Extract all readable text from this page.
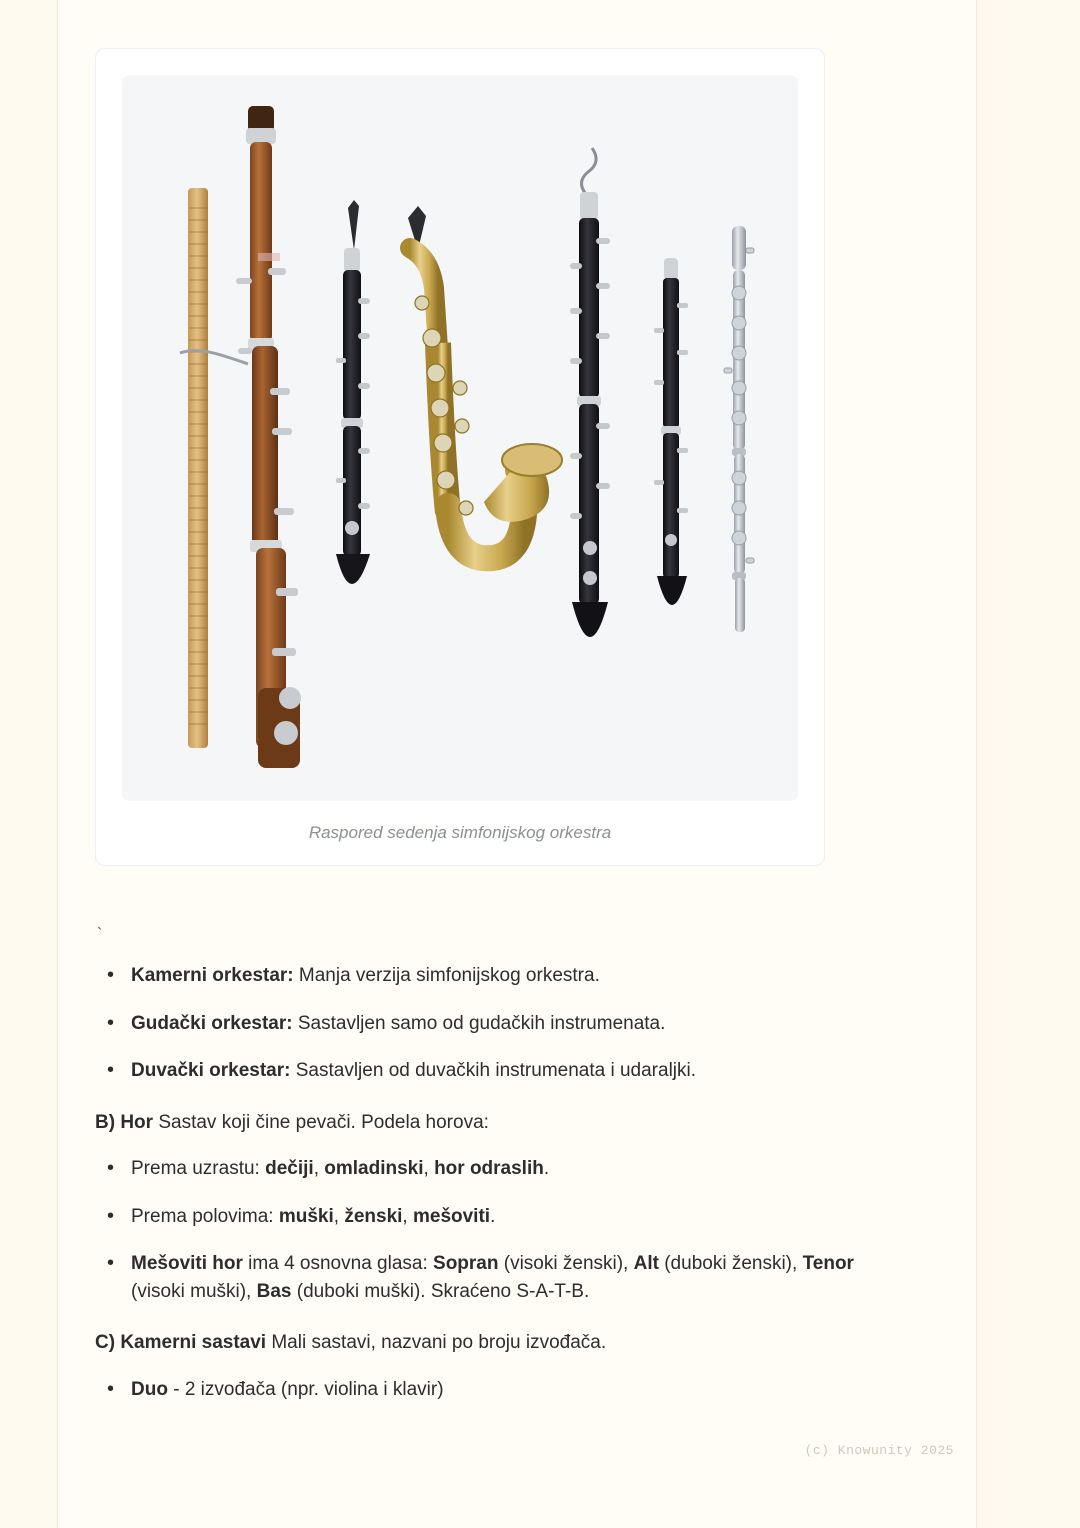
Raspored sedenja simfonijskog orkestra
`
• Kamerni orkestar: Manja verzija simfonijskog orkestra.
• Gudački orkestar: Sastavljen samo od gudačkih instrumenata.
• Duvački orkestar: Sastavljen od duvačkih instrumenata i udaraljki.

B) Hor Sastav koji čine pevači. Podela horova:

• Prema uzrastu: dečiji, omladinski, hor odraslih.
• Prema polovima: muški, ženski, mešoviti.
• Mešoviti hor ima 4 osnovna glasa: Sopran (visoki ženski), Alt (duboki ženski), Tenor (visoki muški), Bas (duboki muški). Skraćeno S-A-T-B.

C) Kamerni sastavi Mali sastavi, nazvani po broju izvođača.

• Duo - 2 izvođača (npr. violina i klavir)
(c) Knowunity 2025
